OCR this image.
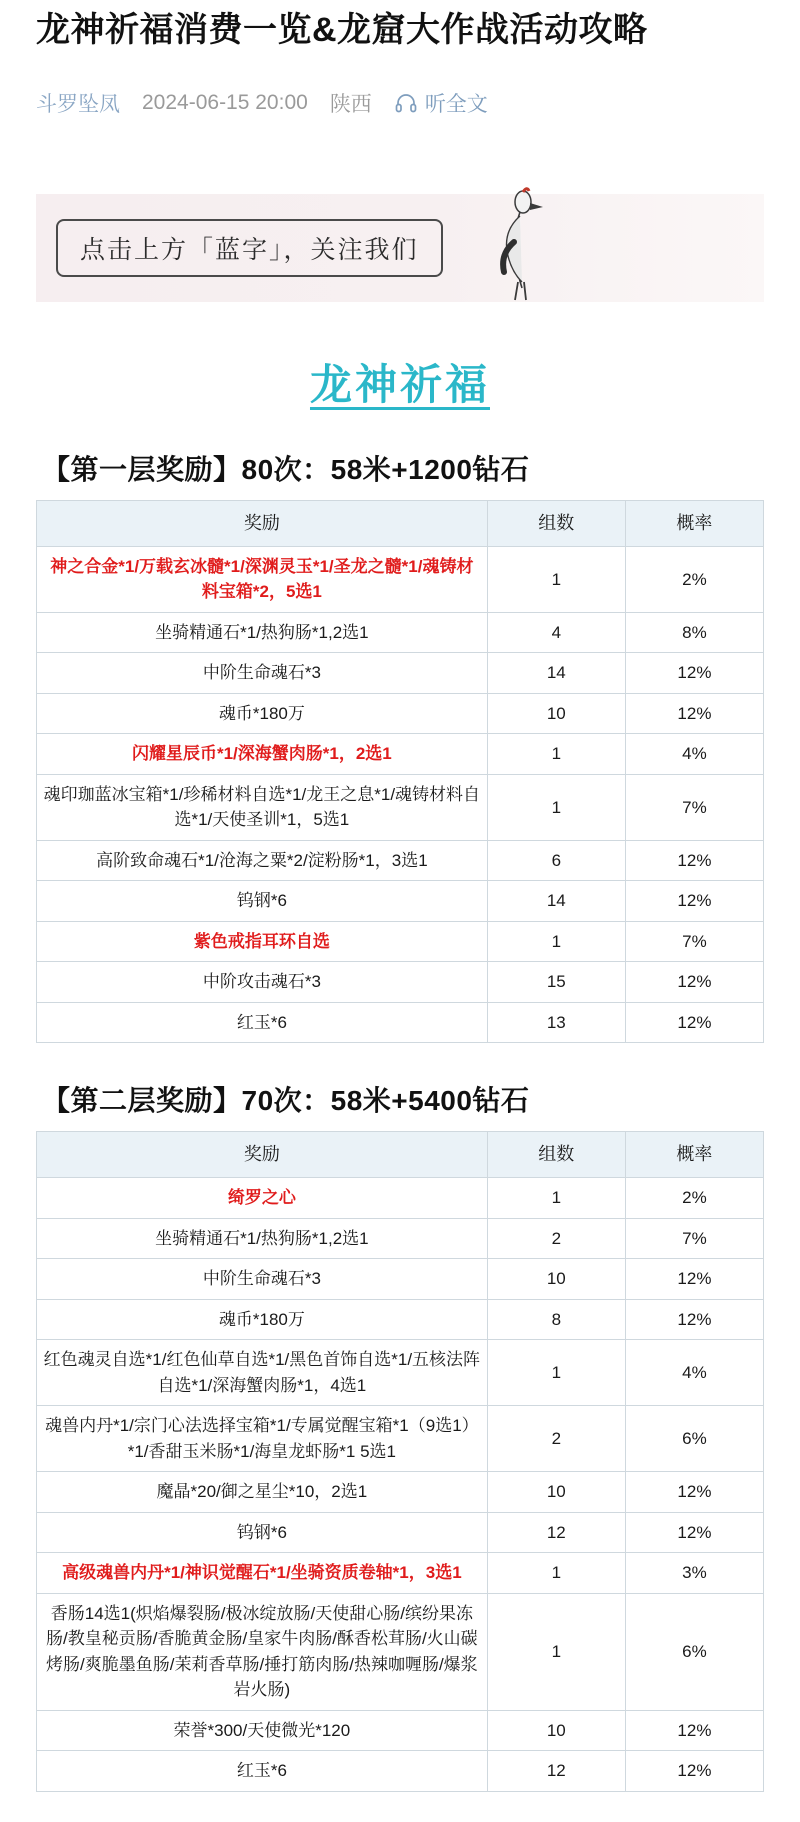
龙神祈福消费一览&龙窟大作战活动攻略
斗罗坠凤 2024-06-15 20:00 陕西	听全文
点击上方「蓝字」，关注我们
龙神祈福
【第一层奖励】80次：58米+1200钻石
奖励	组数	概率
神之合金*1/万载玄冰髓*1/深渊灵玉*1/圣龙之髓*1/魂铸材料宝箱*2，5选1	1	2%
坐骑精通石*1/热狗肠*1,2选1	4	8%
中阶生命魂石*3	14	12%
魂币*180万	10	12%
闪耀星辰币*1/深海蟹肉肠*1，2选1	1	4%
魂印珈蓝冰宝箱*1/珍稀材料自选*1/龙王之息*1/魂铸材料自选*1/天使圣训*1，5选1	1	7%
高阶致命魂石*1/沧海之粟*2/淀粉肠*1，3选1	6	12%
钨钢*6	14	12%
紫色戒指耳环自选	1	7%
中阶攻击魂石*3	15	12%
红玉*6	13	12%
【第二层奖励】70次：58米+5400钻石
奖励	组数	概率
绮罗之心	1	2%
坐骑精通石*1/热狗肠*1,2选1	2	7%
中阶生命魂石*3	10	12%
魂币*180万	8	12%
红色魂灵自选*1/红色仙草自选*1/黑色首饰自选*1/五核法阵自选*1/深海蟹肉肠*1，4选1	1	4%
魂兽内丹*1/宗门心法选择宝箱*1/专属觉醒宝箱*1（9选1）*1/香甜玉米肠*1/海皇龙虾肠*1 5选1	2	6%
魔晶*20/御之星尘*10，2选1	10	12%
钨钢*6	12	12%
高级魂兽内丹*1/神识觉醒石*1/坐骑资质卷轴*1，3选1	1	3%
香肠14选1(炽焰爆裂肠/极冰绽放肠/天使甜心肠/缤纷果冻肠/教皇秘贡肠/香脆黄金肠/皇家牛肉肠/酥香松茸肠/火山碳烤肠/爽脆墨鱼肠/茉莉香草肠/捶打筋肉肠/热辣咖喱肠/爆浆岩火肠)	1	6%
荣誉*300/天使微光*120	10	12%
红玉*6	12	12%
